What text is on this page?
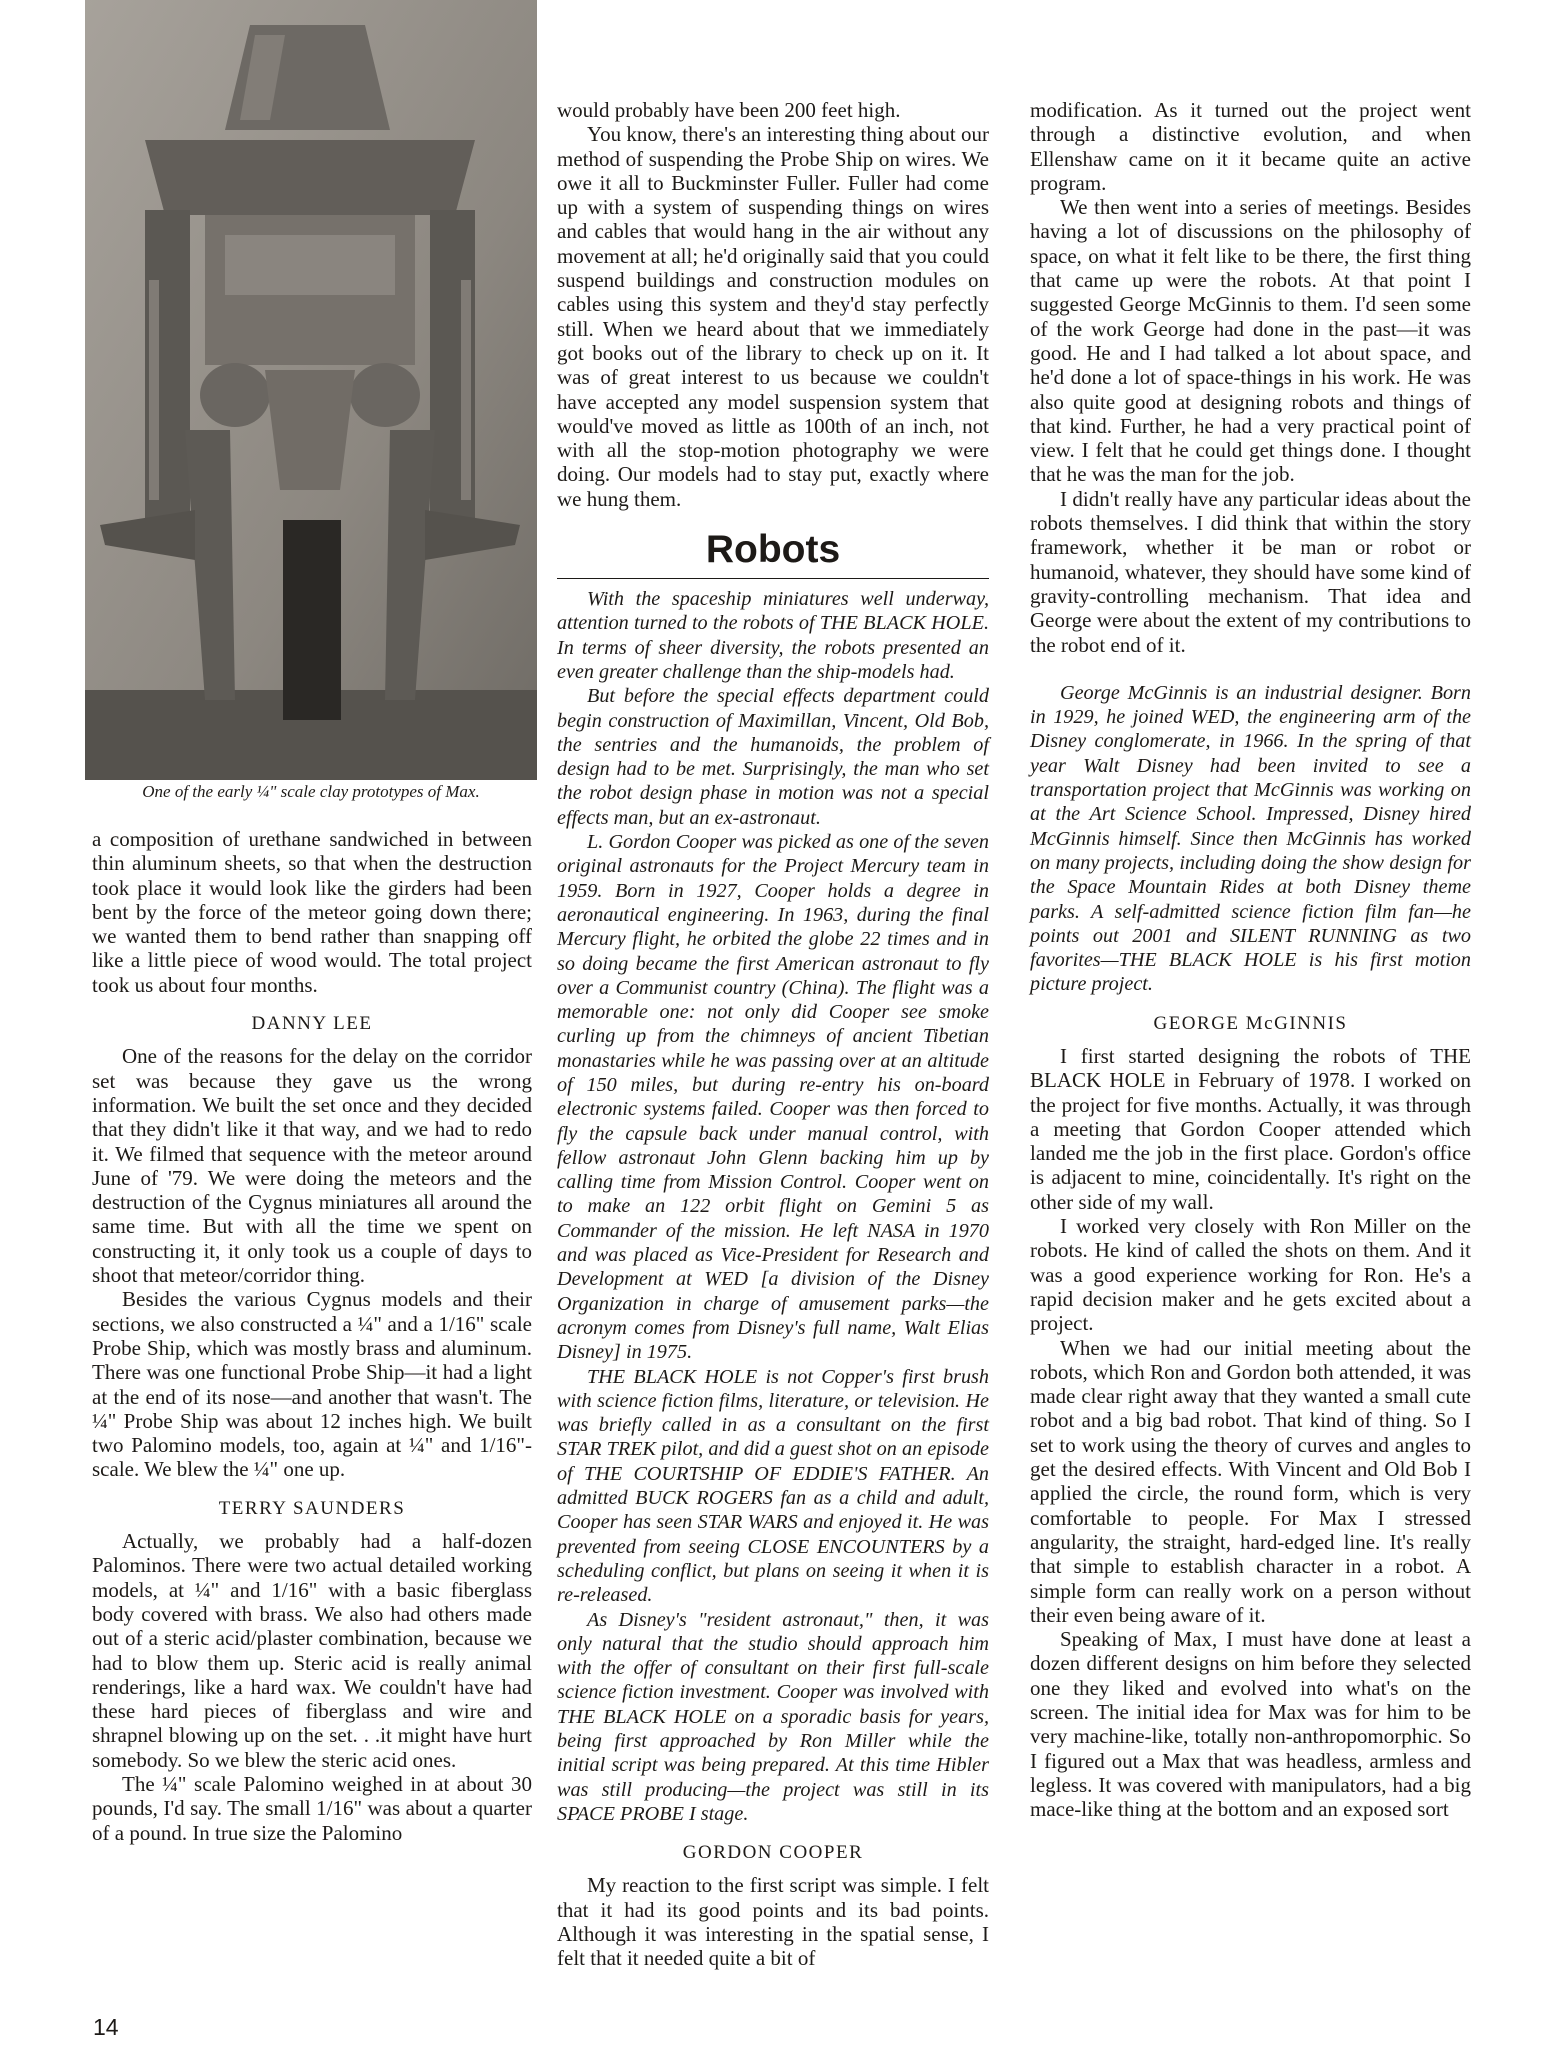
One of the early ¼" scale clay prototypes of Max.

a composition of urethane sandwiched in between thin aluminum sheets, so that when the destruction took place it would look like the girders had been bent by the force of the meteor going down there; we wanted them to bend rather than snapping off like a little piece of wood would. The total project took us about four months.

DANNY LEE

One of the reasons for the delay on the corridor set was because they gave us the wrong information. We built the set once and they decided that they didn't like it that way, and we had to redo it. We filmed that sequence with the meteor around June of '79. We were doing the meteors and the destruction of the Cygnus miniatures all around the same time. But with all the time we spent on constructing it, it only took us a couple of days to shoot that meteor/corridor thing.

Besides the various Cygnus models and their sections, we also constructed a ¼" and a 1/16" scale Probe Ship, which was mostly brass and aluminum. There was one functional Probe Ship—it had a light at the end of its nose—and another that wasn't. The ¼" Probe Ship was about 12 inches high. We built two Palomino models, too, again at ¼" and 1/16"-scale. We blew the ¼" one up.

TERRY SAUNDERS

Actually, we probably had a half-dozen Palominos. There were two actual detailed working models, at ¼" and 1/16" with a basic fiberglass body covered with brass. We also had others made out of a steric acid/plaster combination, because we had to blow them up. Steric acid is really animal renderings, like a hard wax. We couldn't have had these hard pieces of fiberglass and wire and shrapnel blowing up on the set. . .it might have hurt somebody. So we blew the steric acid ones.

The ¼" scale Palomino weighed in at about 30 pounds, I'd say. The small 1/16" was about a quarter of a pound. In true size the Palomino

would probably have been 200 feet high.

You know, there's an interesting thing about our method of suspending the Probe Ship on wires. We owe it all to Buckminster Fuller. Fuller had come up with a system of suspending things on wires and cables that would hang in the air without any movement at all; he'd originally said that you could suspend buildings and construction modules on cables using this system and they'd stay perfectly still. When we heard about that we immediately got books out of the library to check up on it. It was of great interest to us because we couldn't have accepted any model suspension system that would've moved as little as 100th of an inch, not with all the stop-motion photography we were doing. Our models had to stay put, exactly where we hung them.

Robots

With the spaceship miniatures well underway, attention turned to the robots of THE BLACK HOLE. In terms of sheer diversity, the robots presented an even greater challenge than the ship-models had.

But before the special effects department could begin construction of Maximillan, Vincent, Old Bob, the sentries and the humanoids, the problem of design had to be met. Surprisingly, the man who set the robot design phase in motion was not a special effects man, but an ex-astronaut.

L. Gordon Cooper was picked as one of the seven original astronauts for the Project Mercury team in 1959. Born in 1927, Cooper holds a degree in aeronautical engineering. In 1963, during the final Mercury flight, he orbited the globe 22 times and in so doing became the first American astronaut to fly over a Communist country (China). The flight was a memorable one: not only did Cooper see smoke curling up from the chimneys of ancient Tibetian monastaries while he was passing over at an altitude of 150 miles, but during re-entry his on-board electronic systems failed. Cooper was then forced to fly the capsule back under manual control, with fellow astronaut John Glenn backing him up by calling time from Mission Control. Cooper went on to make an 122 orbit flight on Gemini 5 as Commander of the mission. He left NASA in 1970 and was placed as Vice-President for Research and Development at WED [a division of the Disney Organization in charge of amusement parks—the acronym comes from Disney's full name, Walt Elias Disney] in 1975.

THE BLACK HOLE is not Copper's first brush with science fiction films, literature, or television. He was briefly called in as a consultant on the first STAR TREK pilot, and did a guest shot on an episode of THE COURTSHIP OF EDDIE'S FATHER. An admitted BUCK ROGERS fan as a child and adult, Cooper has seen STAR WARS and enjoyed it. He was prevented from seeing CLOSE ENCOUNTERS by a scheduling conflict, but plans on seeing it when it is re-released.

As Disney's "resident astronaut," then, it was only natural that the studio should approach him with the offer of consultant on their first full-scale science fiction investment. Cooper was involved with THE BLACK HOLE on a sporadic basis for years, being first approached by Ron Miller while the initial script was being prepared. At this time Hibler was still producing—the project was still in its SPACE PROBE I stage.

GORDON COOPER

My reaction to the first script was simple. I felt that it had its good points and its bad points. Although it was interesting in the spatial sense, I felt that it needed quite a bit of

modification. As it turned out the project went through a distinctive evolution, and when Ellenshaw came on it it became quite an active program.

We then went into a series of meetings. Besides having a lot of discussions on the philosophy of space, on what it felt like to be there, the first thing that came up were the robots. At that point I suggested George McGinnis to them. I'd seen some of the work George had done in the past—it was good. He and I had talked a lot about space, and he'd done a lot of space-things in his work. He was also quite good at designing robots and things of that kind. Further, he had a very practical point of view. I felt that he could get things done. I thought that he was the man for the job.

I didn't really have any particular ideas about the robots themselves. I did think that within the story framework, whether it be man or robot or humanoid, whatever, they should have some kind of gravity-controlling mechanism. That idea and George were about the extent of my contributions to the robot end of it.

George McGinnis is an industrial designer. Born in 1929, he joined WED, the engineering arm of the Disney conglomerate, in 1966. In the spring of that year Walt Disney had been invited to see a transportation project that McGinnis was working on at the Art Science School. Impressed, Disney hired McGinnis himself. Since then McGinnis has worked on many projects, including doing the show design for the Space Mountain Rides at both Disney theme parks. A self-admitted science fiction film fan—he points out 2001 and SILENT RUNNING as two favorites—THE BLACK HOLE is his first motion picture project.

GEORGE McGINNIS

I first started designing the robots of THE BLACK HOLE in February of 1978. I worked on the project for five months. Actually, it was through a meeting that Gordon Cooper attended which landed me the job in the first place. Gordon's office is adjacent to mine, coincidentally. It's right on the other side of my wall.

I worked very closely with Ron Miller on the robots. He kind of called the shots on them. And it was a good experience working for Ron. He's a rapid decision maker and he gets excited about a project.

When we had our initial meeting about the robots, which Ron and Gordon both attended, it was made clear right away that they wanted a small cute robot and a big bad robot. That kind of thing. So I set to work using the theory of curves and angles to get the desired effects. With Vincent and Old Bob I applied the circle, the round form, which is very comfortable to people. For Max I stressed angularity, the straight, hard-edged line. It's really that simple to establish character in a robot. A simple form can really work on a person without their even being aware of it.

Speaking of Max, I must have done at least a dozen different designs on him before they selected one they liked and evolved into what's on the screen. The initial idea for Max was for him to be very machine-like, totally non-anthropomorphic. So I figured out a Max that was headless, armless and legless. It was covered with manipulators, had a big mace-like thing at the bottom and an exposed sort

14
